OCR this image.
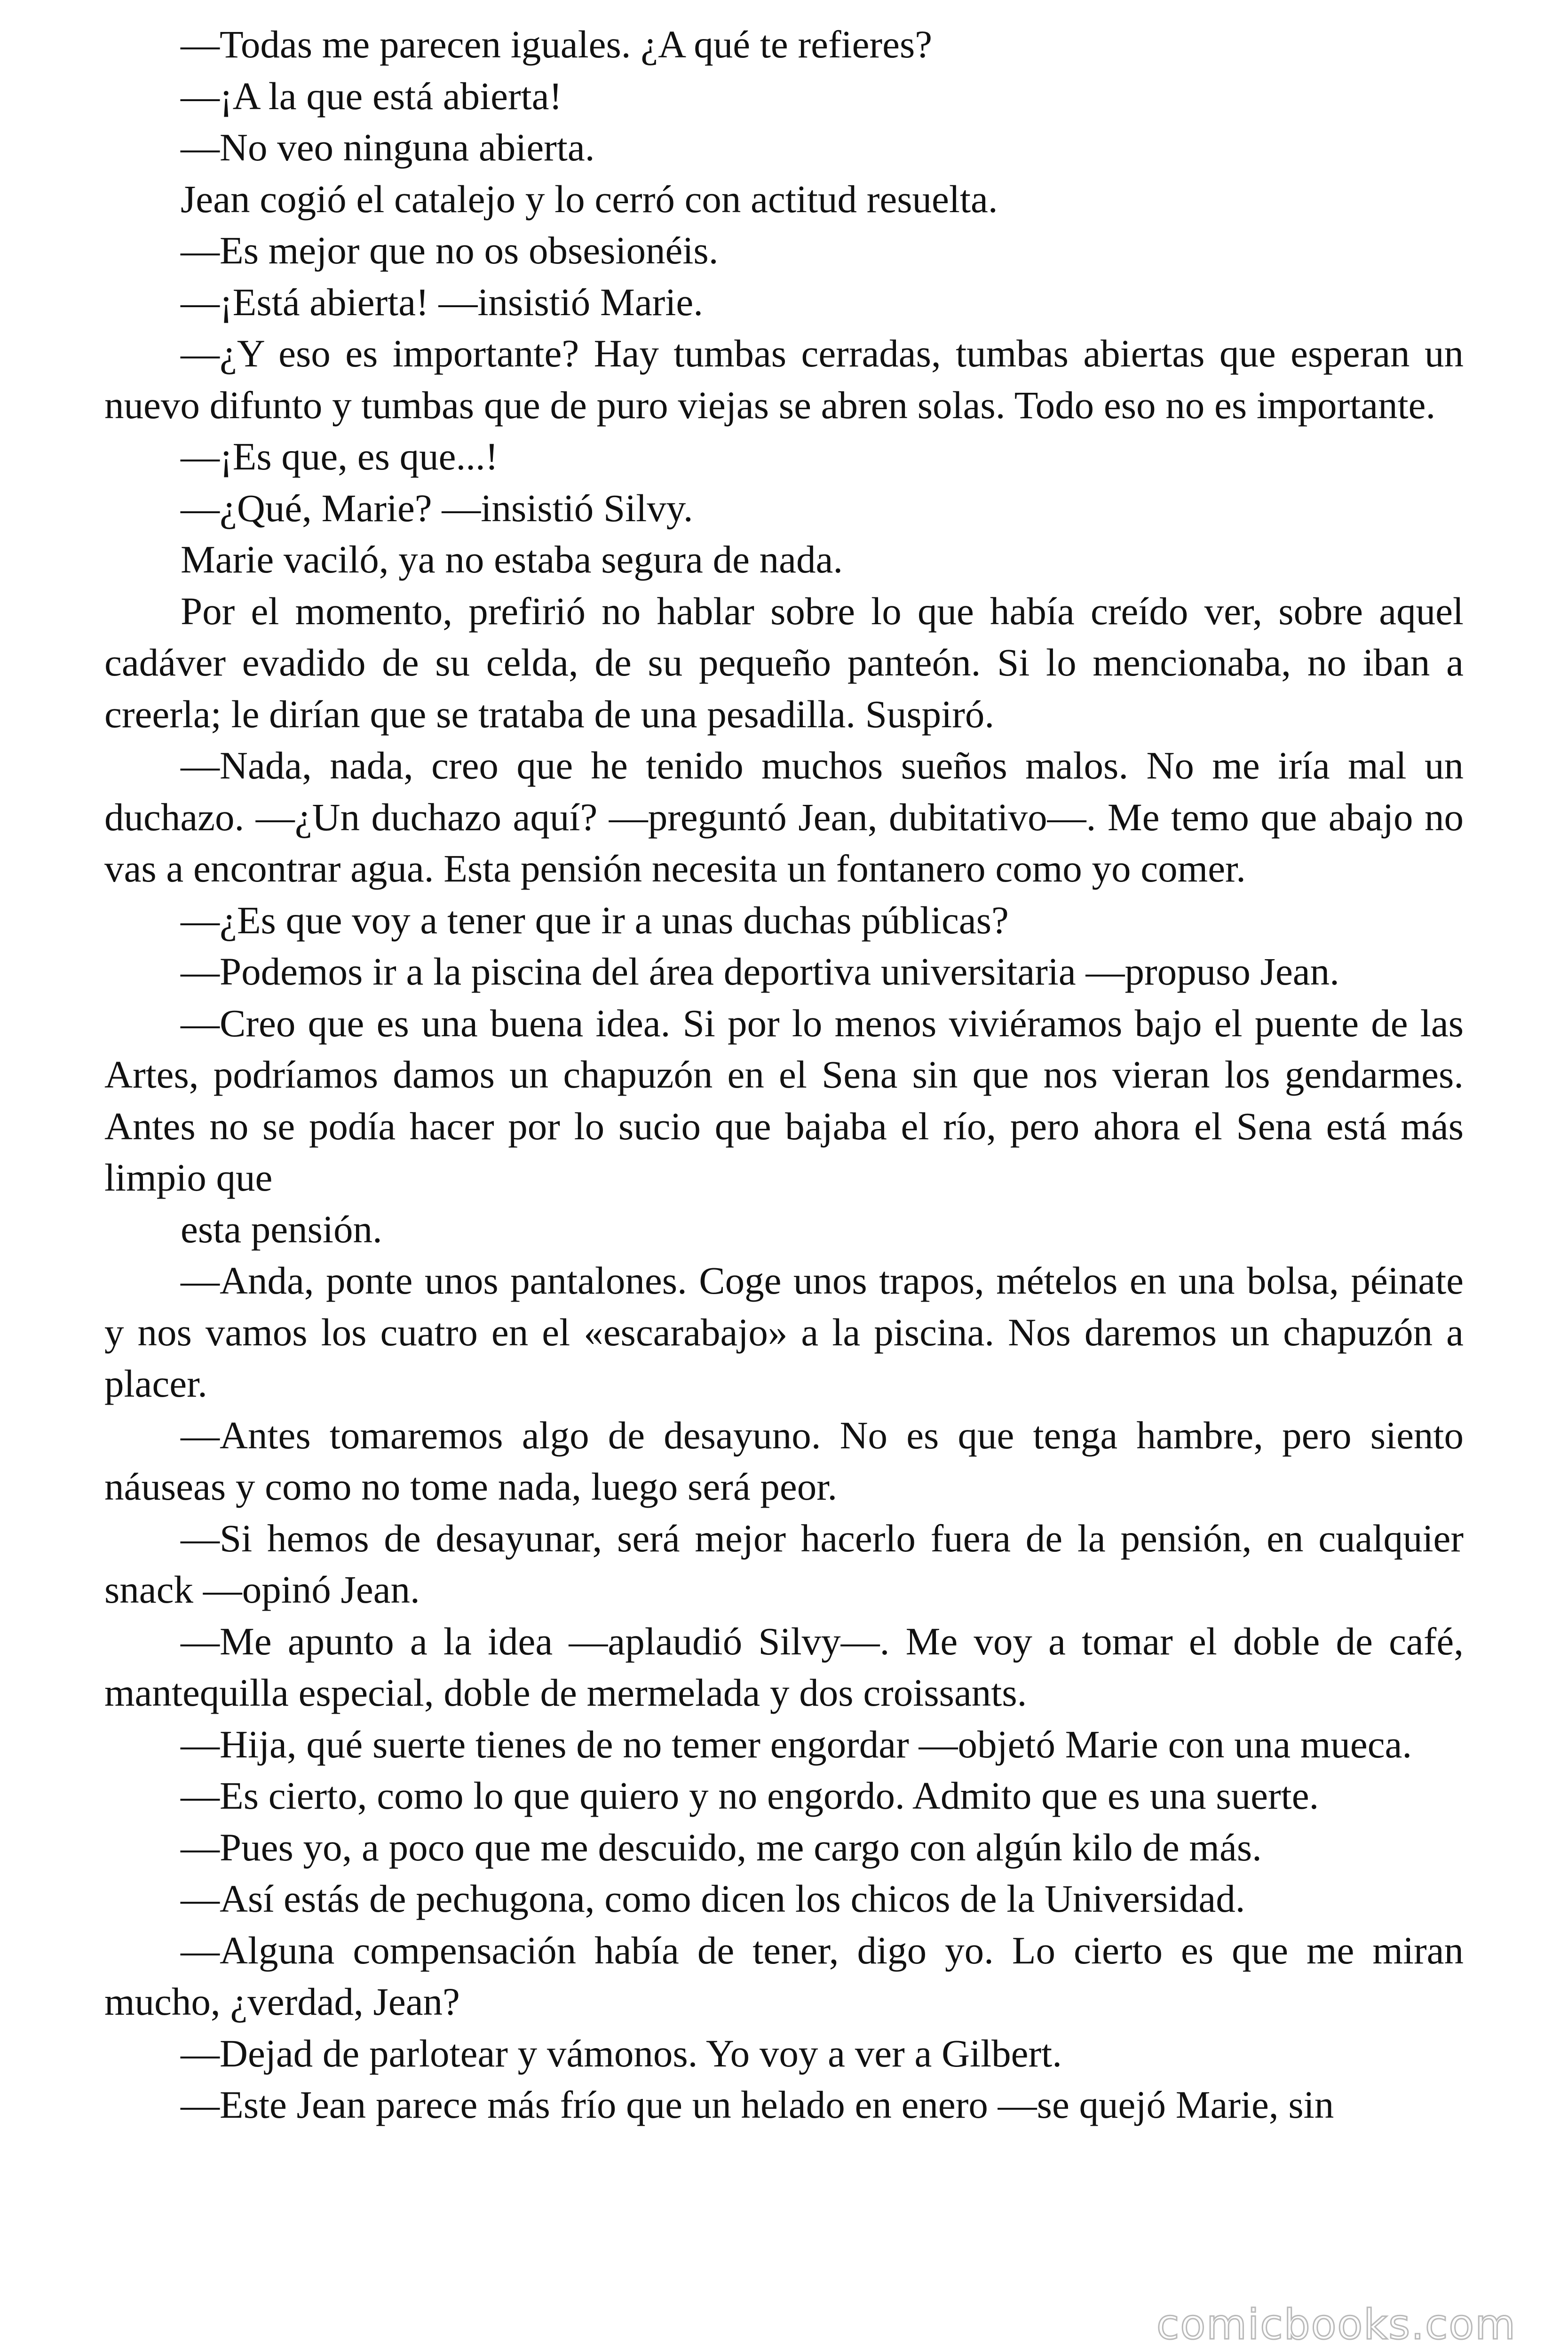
—Todas me parecen iguales. ¿A qué te refieres?

—¡A la que está abierta!

—No veo ninguna abierta.

Jean cogió el catalejo y lo cerró con actitud resuelta.

—Es mejor que no os obsesionéis.

—¡Está abierta! —insistió Marie.

—¿Y eso es importante? Hay tumbas cerradas, tumbas abiertas que esperan un nuevo difunto y tumbas que de puro viejas se abren solas. Todo eso no es importante.

—¡Es que, es que...!

—¿Qué, Marie? —insistió Silvy.

Marie vaciló, ya no estaba segura de nada.

Por el momento, prefirió no hablar sobre lo que había creído ver, sobre aquel cadáver evadido de su celda, de su pequeño panteón. Si lo mencionaba, no iban a creerla; le dirían que se trataba de una pesadilla. Suspiró.

—Nada, nada, creo que he tenido muchos sueños malos. No me iría mal un duchazo. —¿Un duchazo aquí? —preguntó Jean, dubitativo—. Me temo que abajo no vas a encontrar agua. Esta pensión necesita un fontanero como yo comer.

—¿Es que voy a tener que ir a unas duchas públicas?

—Podemos ir a la piscina del área deportiva universitaria —propuso Jean.

—Creo que es una buena idea. Si por lo menos viviéramos bajo el puente de las Artes, podríamos damos un chapuzón en el Sena sin que nos vieran los gendarmes. Antes no se podía hacer por lo sucio que bajaba el río, pero ahora el Sena está más limpio que

esta pensión.

—Anda, ponte unos pantalones. Coge unos trapos, mételos en una bolsa, péinate y nos vamos los cuatro en el «escarabajo» a la piscina. Nos daremos un chapuzón a placer.

—Antes tomaremos algo de desayuno. No es que tenga hambre, pero siento náuseas y como no tome nada, luego será peor.

—Si hemos de desayunar, será mejor hacerlo fuera de la pensión, en cualquier snack —opinó Jean.

—Me apunto a la idea —aplaudió Silvy—. Me voy a tomar el doble de café, mantequilla especial, doble de mermelada y dos croissants.

—Hija, qué suerte tienes de no temer engordar —objetó Marie con una mueca.

—Es cierto, como lo que quiero y no engordo. Admito que es una suerte.

—Pues yo, a poco que me descuido, me cargo con algún kilo de más.

—Así estás de pechugona, como dicen los chicos de la Universidad.

—Alguna compensación había de tener, digo yo. Lo cierto es que me miran mucho, ¿verdad, Jean?

—Dejad de parlotear y vámonos. Yo voy a ver a Gilbert.

—Este Jean parece más frío que un helado en enero —se quejó Marie, sin

comicbooks.com
